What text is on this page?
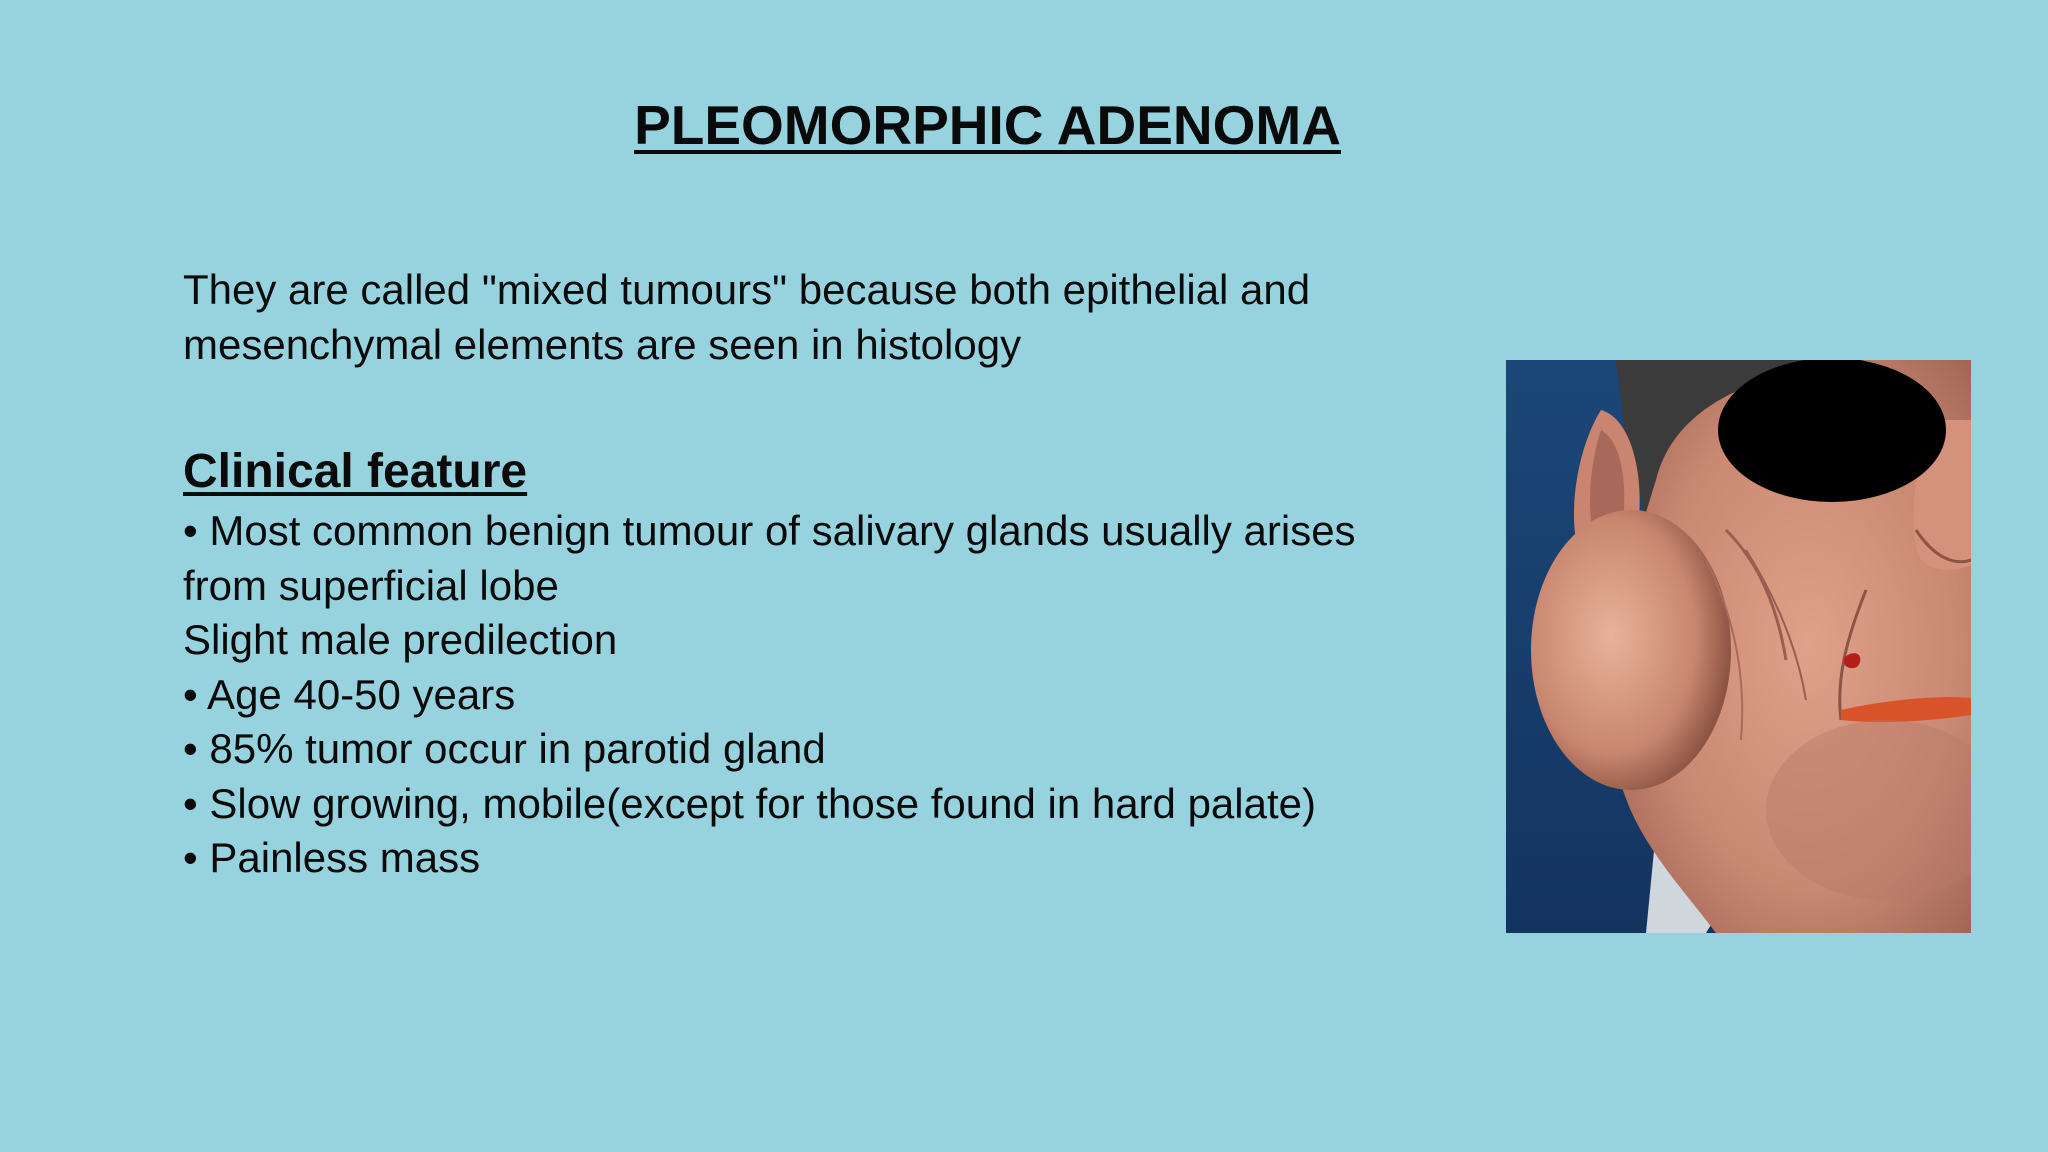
PLEOMORPHIC ADENOMA

They are called "mixed tumours" because both epithelial and
mesenchymal elements are seen in histology

Clinical feature
• Most common benign tumour of salivary glands usually arises
from superficial lobe
Slight male predilection
• Age 40-50 years
• 85% tumor occur in parotid gland
• Slow growing, mobile(except for those found in hard palate)
• Painless mass
